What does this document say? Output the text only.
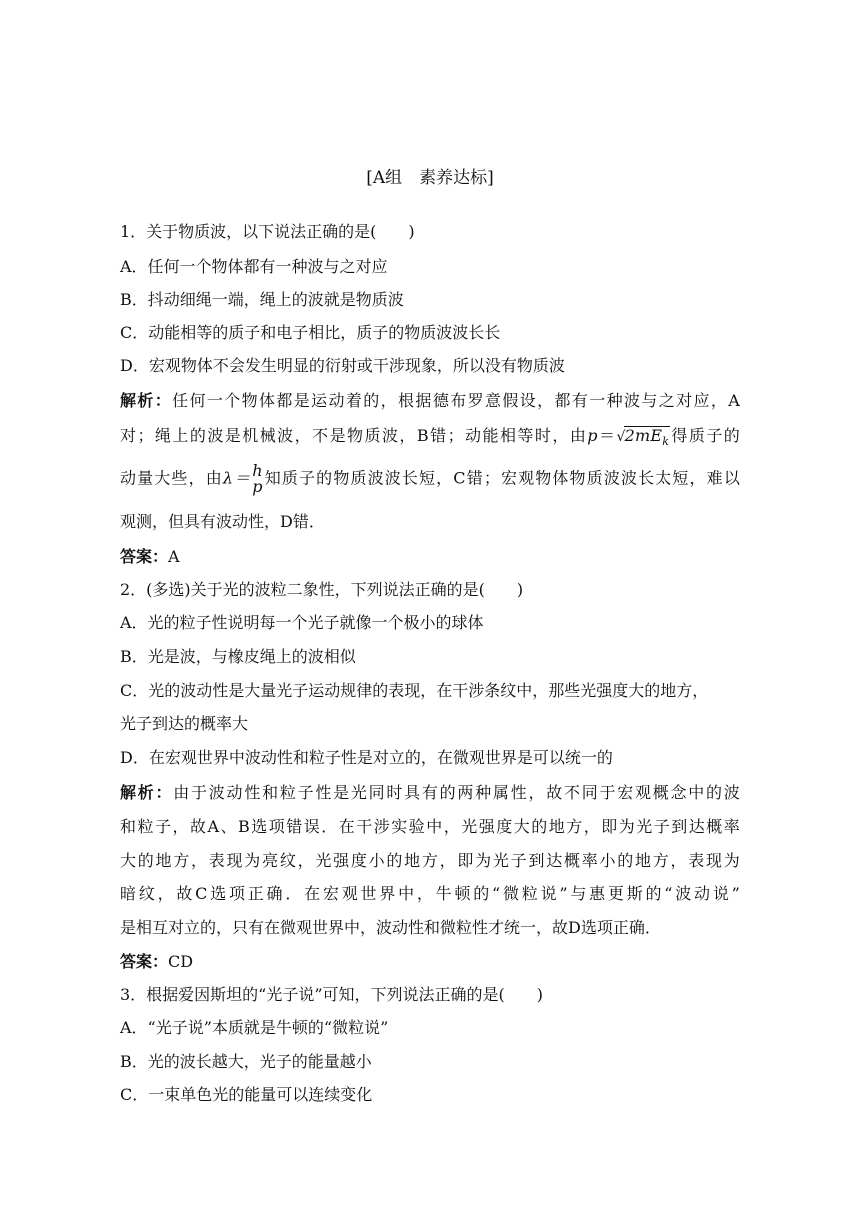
[A组　素养达标]
1．关于物质波，以下说法正确的是(　　)
A．任何一个物体都有一种波与之对应
B．抖动细绳一端，绳上的波就是物质波
C．动能相等的质子和电子相比，质子的物质波波长长
D．宏观物体不会发生明显的衍射或干涉现象，所以没有物质波
解析：任何一个物体都是运动着的，根据德布罗意假设，都有一种波与之对应，A
对；绳上的波是机械波，不是物质波，B错；动能相等时，由$p=√2mE_k$得质子的
动量大些，由λ＝ h
p 知质子的物质波波长短，C错；宏观物体物质波波长太短，难以
观测，但具有波动性，D错．
答案：A
2．(多选)关于光的波粒二象性，下列说法正确的是(　　)
A．光的粒子性说明每一个光子就像一个极小的球体
B．光是波，与橡皮绳上的波相似
C．光的波动性是大量光子运动规律的表现，在干涉条纹中，那些光强度大的地方，
光子到达的概率大
D．在宏观世界中波动性和粒子性是对立的，在微观世界是可以统一的
解析：由于波动性和粒子性是光同时具有的两种属性，故不同于宏观概念中的波
和粒子，故A、B选项错误．在干涉实验中，光强度大的地方，即为光子到达概率
大的地方，表现为亮纹，光强度小的地方，即为光子到达概率小的地方，表现为
暗纹，故C选项正确．在宏观世界中，牛顿的“微粒说”与惠更斯的“波动说”
是相互对立的，只有在微观世界中，波动性和微粒性才统一，故D选项正确．
答案：CD
3．根据爱因斯坦的“光子说”可知，下列说法正确的是(　　)
A．“光子说”本质就是牛顿的“微粒说”
B．光的波长越大，光子的能量越小
C．一束单色光的能量可以连续变化
